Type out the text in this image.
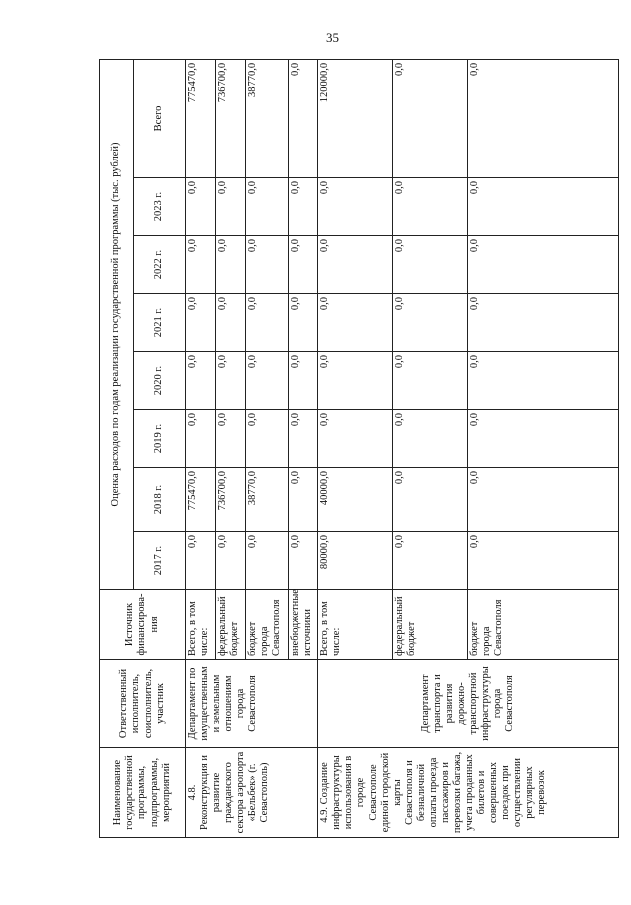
35
Наименование государственной программы, подпрограммы, мероприятий	Ответственный исполнитель, соисполнитель, участник	Источник финансирова-ния	Оценка расходов по годам реализации государственной программы (тыс. рублей)							
			2017 г.	2018 г.	2019 г.	2020 г.	2021 г.	2022 г.	2023 г.	Всего
4.8. Реконструкция и развитие гражданского сектора аэропорта «Бельбек» (г. Севастополь)	Департамент по имущественным и земельным отношениям города Севастополя	Всего, в том числе:	0,0	775470,0	0,0	0,0	0,0	0,0	0,0	775470,0
		федеральный бюджет	0,0	736700,0	0,0	0,0	0,0	0,0	0,0	736700,0
		бюджет города Севастополя	0,0	38770,0	0,0	0,0	0,0	0,0	0,0	38770,0
		внебюджетные источники	0,0	0,0	0,0	0,0	0,0	0,0	0,0	0,0
4.9. Создание инфраструктуры использования в городе Севастополе единой городской карты Севастополя и безналичной оплаты проезда пассажиров и перевозки багажа, учета проданных билетов и совершенных поездок при осуществлении регулярных перевозок	Департамент транспорта и развития дорожно-транспортной инфраструктуры города Севастополя	Всего, в том числе:	80000,0	40000,0	0,0	0,0	0,0	0,0	0,0	120000,0
		федеральный бюджет	0,0	0,0	0,0	0,0	0,0	0,0	0,0	0,0
		бюджет города Севастополя	0,0	0,0	0,0	0,0	0,0	0,0	0,0	0,0
